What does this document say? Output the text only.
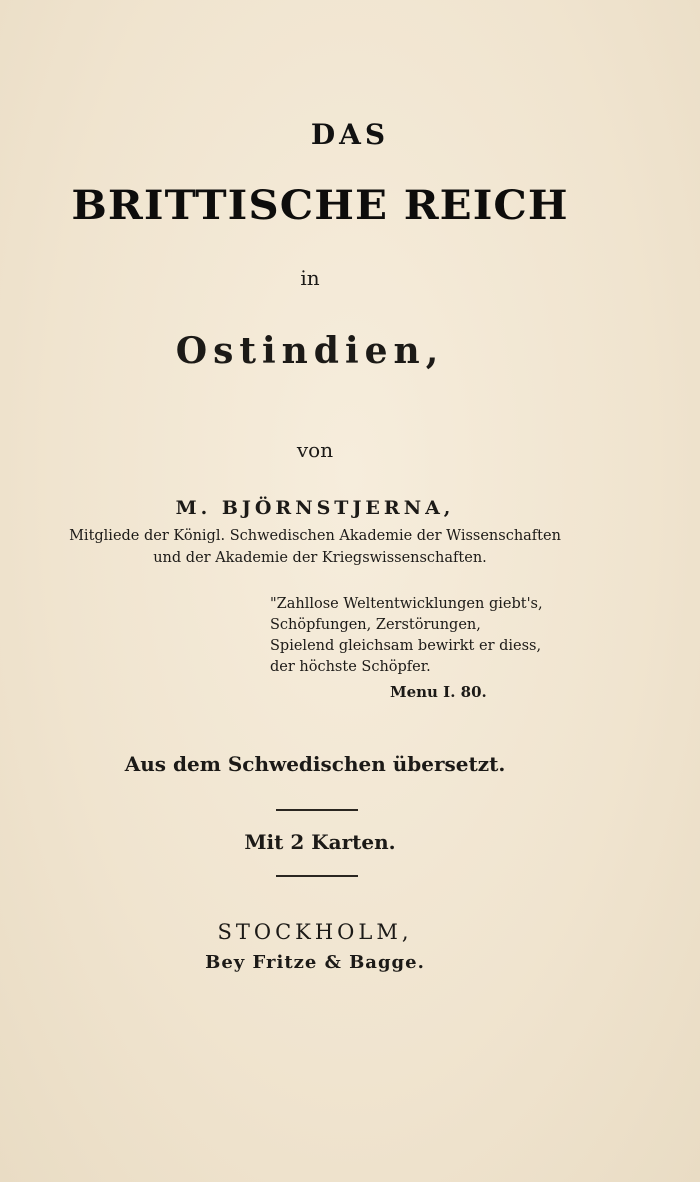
DAS
BRITTISCHE REICH
in
Ostindien,
von
M. BJÖRNSTJERNA,
Mitgliede der Königl. Schwedischen Akademie der Wissenschaften
und der Akademie der Kriegswissenschaften.
"Zahllose Weltentwicklungen giebt's,
Schöpfungen, Zerstörungen,
Spielend gleichsam bewirkt er diess,
der höchste Schöpfer.
Menu I. 80.
Aus dem Schwedischen übersetzt.
Mit 2 Karten.
STOCKHOLM,
Bey Fritze & Bagge.
